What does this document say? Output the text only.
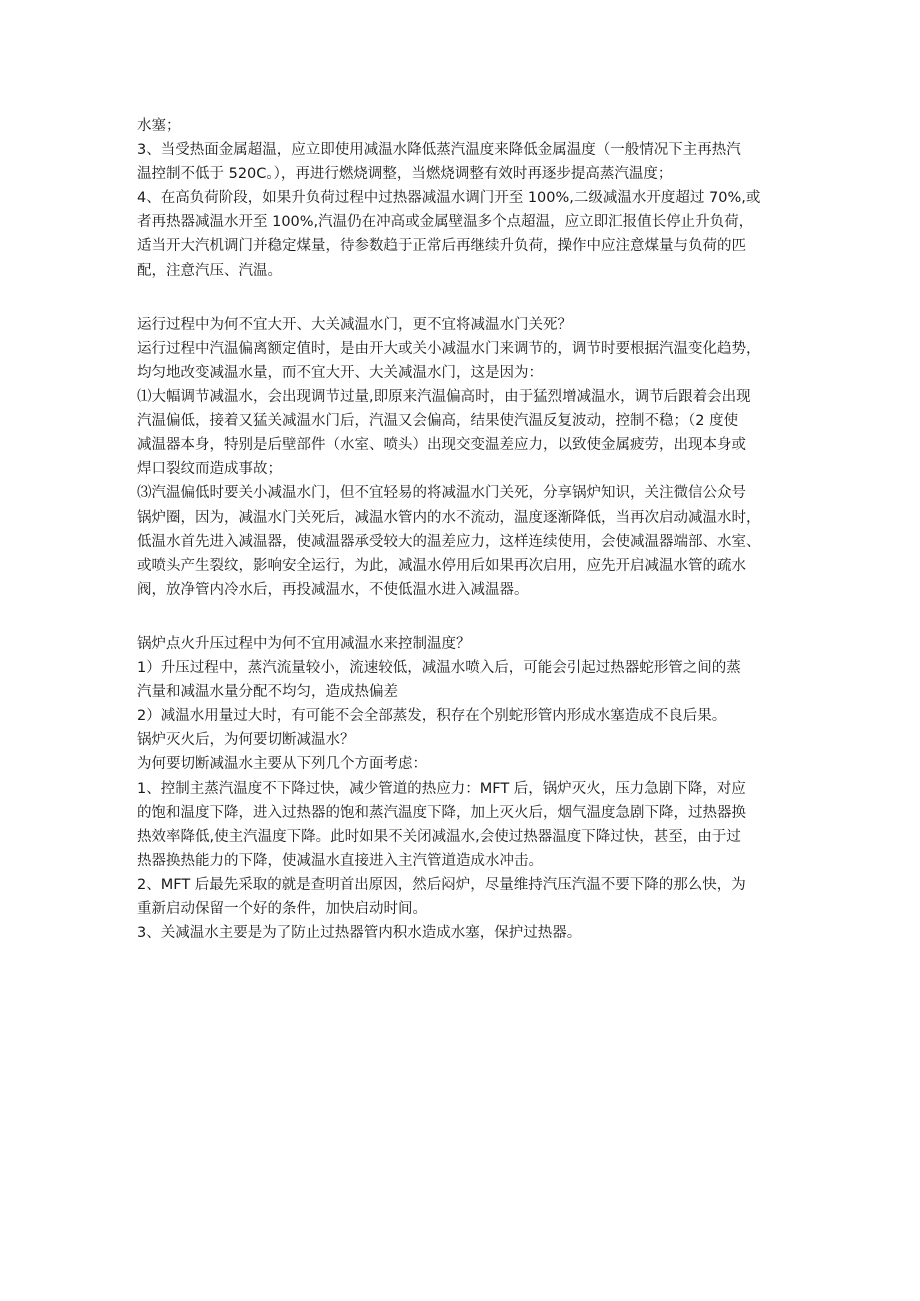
水塞；
3、当受热面金属超温，应立即使用减温水降低蒸汽温度来降低金属温度（一般情况下主再热汽
温控制不低于 520C。），再进行燃烧调整，当燃烧调整有效时再逐步提高蒸汽温度；
4、在高负荷阶段，如果升负荷过程中过热器减温水调门开至 100%,二级减温水开度超过 70%,或
者再热器减温水开至 100%,汽温仍在冲高或金属壁温多个点超温，应立即汇报值长停止升负荷，
适当开大汽机调门并稳定煤量，待参数趋于正常后再继续升负荷，操作中应注意煤量与负荷的匹
配，注意汽压、汽温。
运行过程中为何不宜大开、大关减温水门，更不宜将减温水门关死？
运行过程中汽温偏离额定值时，是由开大或关小减温水门来调节的，调节时要根据汽温变化趋势，
均匀地改变减温水量，而不宜大开、大关减温水门，这是因为：
⑴大幅调节减温水，会出现调节过量,即原来汽温偏高时，由于猛烈增减温水，调节后跟着会出现
汽温偏低，接着又猛关减温水门后，汽温又会偏高，结果使汽温反复波动，控制不稳；（2 度使
减温器本身，特别是后壁部件（水室、喷头）出现交变温差应力，以致使金属疲劳，出现本身或
焊口裂纹而造成事故；
⑶汽温偏低时要关小减温水门，但不宜轻易的将减温水门关死，分享锅炉知识，关注微信公众号
锅炉圈，因为，减温水门关死后，减温水管内的水不流动，温度逐渐降低，当再次启动减温水时，
低温水首先进入减温器，使减温器承受较大的温差应力，这样连续使用，会使减温器端部、水室、
或喷头产生裂纹，影响安全运行，为此，减温水停用后如果再次启用，应先开启减温水管的疏水
阀，放净管内冷水后，再投减温水，不使低温水进入减温器。
锅炉点火升压过程中为何不宜用减温水来控制温度？
1）升压过程中，蒸汽流量较小，流速较低，减温水喷入后，可能会引起过热器蛇形管之间的蒸
汽量和减温水量分配不均匀，造成热偏差
2）减温水用量过大时，有可能不会全部蒸发，积存在个别蛇形管内形成水塞造成不良后果。
锅炉灭火后，为何要切断减温水？
为何要切断减温水主要从下列几个方面考虑：
1、控制主蒸汽温度不下降过快，减少管道的热应力：MFT 后，锅炉灭火，压力急剧下降，对应
的饱和温度下降，进入过热器的饱和蒸汽温度下降，加上灭火后，烟气温度急剧下降，过热器换
热效率降低,使主汽温度下降。此时如果不关闭减温水,会使过热器温度下降过快，甚至，由于过
热器换热能力的下降，使减温水直接进入主汽管道造成水冲击。
2、MFT 后最先采取的就是查明首出原因，然后闷炉，尽量维持汽压汽温不要下降的那么快，为
重新启动保留一个好的条件，加快启动时间。
3、关减温水主要是为了防止过热器管内积水造成水塞，保护过热器。
